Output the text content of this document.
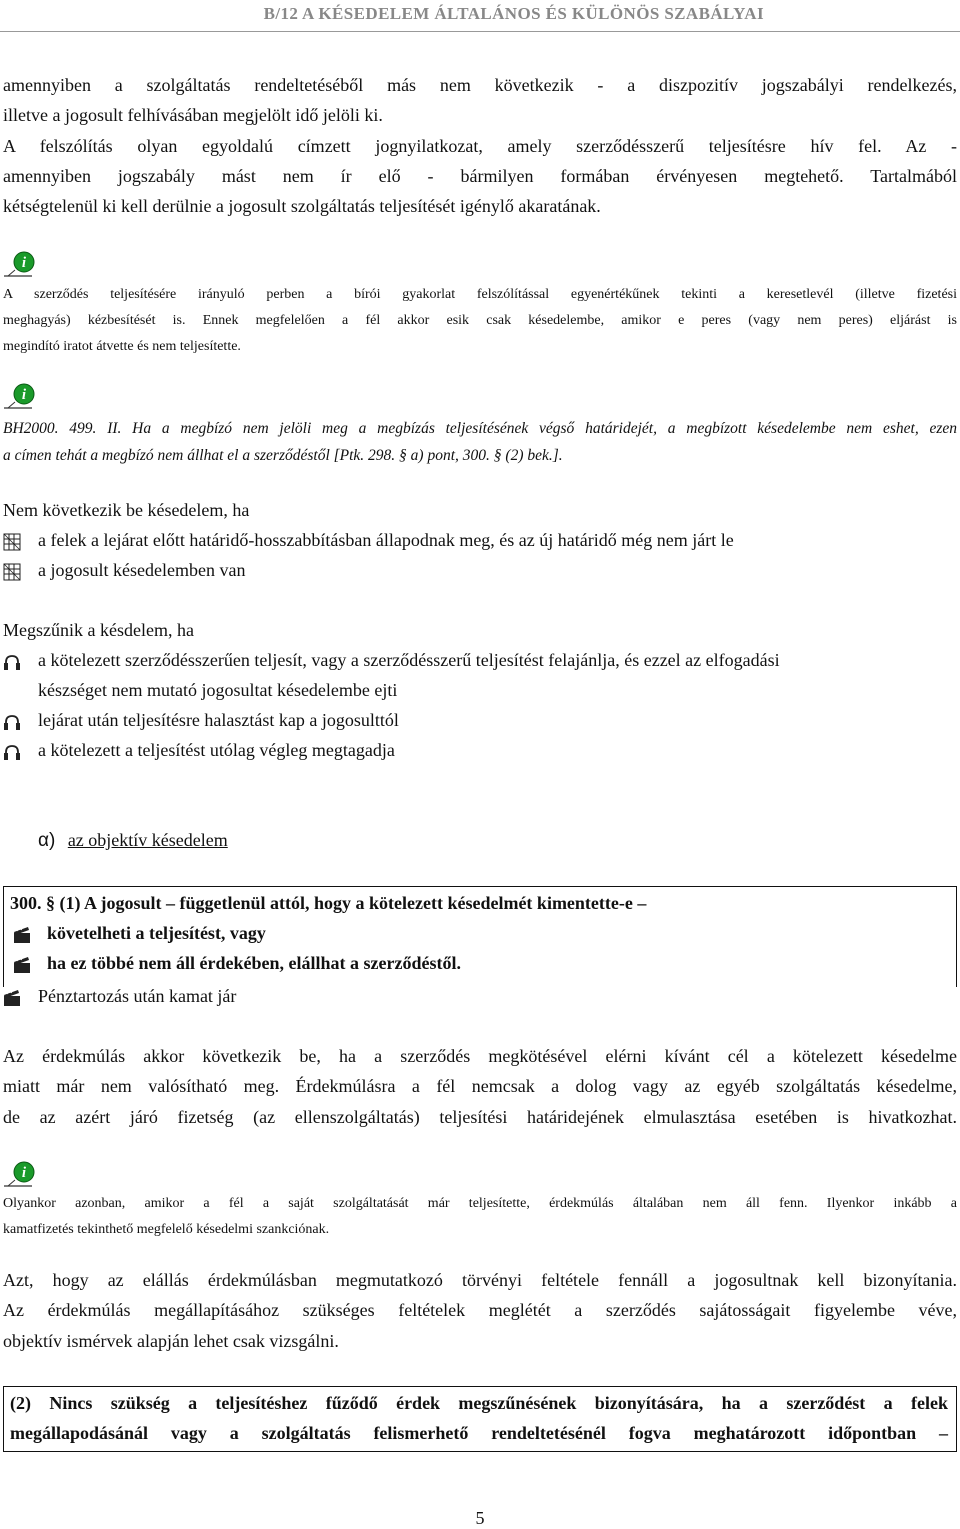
B/12 A KÉSEDELEM ÁLTALÁNOS ÉS KÜLÖNÖS SZABÁLYAI
amennyiben a szolgáltatás rendeltetéséből más nem következik - a diszpozitív jogszabályi rendelkezés,
illetve a jogosult felhívásában megjelölt idő jelöli ki.
A felszólítás olyan egyoldalú címzett jognyilatkozat, amely szerződésszerű teljesítésre hív fel. Az -
amennyiben jogszabály mást nem ír elő - bármilyen formában érvényesen megtehető. Tartalmából
kétségtelenül ki kell derülnie a jogosult szolgáltatás teljesítését igénylő akaratának.
i
A szerződés teljesítésére irányuló perben a bírói gyakorlat felszólítással egyenértékűnek tekinti a keresetlevél (illetve fizetési
meghagyás) kézbesítését is. Ennek megfelelően a fél akkor esik csak késedelembe, amikor e peres (vagy nem peres) eljárást is
megindító iratot átvette és nem teljesítette.
i
BH2000. 499. II. Ha a megbízó nem jelöli meg a megbízás teljesítésének végső határidejét, a megbízott késedelembe nem eshet, ezen
a címen tehát a megbízó nem állhat el a szerződéstől [Ptk. 298. § a) pont, 300. § (2) bek.].
Nem következik be késedelem, ha
a felek a lejárat előtt határidő-hosszabbításban állapodnak meg, és az új határidő még nem járt le
a jogosult késedelemben van
Megszűnik a késdelem, ha
a kötelezett szerződésszerűen teljesít, vagy a szerződésszerű teljesítést felajánlja, és ezzel az elfogadási
készséget nem mutató jogosultat késedelembe ejti
lejárat után teljesítésre halasztást kap a jogosulttól
a kötelezett a teljesítést utólag végleg megtagadja
α) az objektív késedelem
300. § (1) A jogosult – függetlenül attól, hogy a kötelezett késedelmét kimentette-e –
követelheti a teljesítést, vagy
ha ez többé nem áll érdekében, elállhat a szerződéstől.
Pénztartozás után kamat jár
Az érdekmúlás akkor következik be, ha a szerződés megkötésével elérni kívánt cél a kötelezett késedelme
miatt már nem valósítható meg. Érdekmúlásra a fél nemcsak a dolog vagy az egyéb szolgáltatás késedelme,
de az azért járó fizetség (az ellenszolgáltatás) teljesítési határidejének elmulasztása esetében is hivatkozhat.
i
Olyankor azonban, amikor a fél a saját szolgáltatását már teljesítette, érdekmúlás általában nem áll fenn. Ilyenkor inkább a
kamatfizetés tekinthető megfelelő késedelmi szankciónak.
Azt, hogy az elállás érdekmúlásban megmutatkozó törvényi feltétele fennáll a jogosultnak kell bizonyítania.
Az érdekmúlás megállapításához szükséges feltételek meglétét a szerződés sajátosságait figyelembe véve,
objektív ismérvek alapján lehet csak vizsgálni.
(2) Nincs szükség a teljesítéshez fűződő érdek megszűnésének bizonyítására, ha a szerződést a felek
megállapodásánál vagy a szolgáltatás felismerhető rendeltetésénél fogva meghatározott időpontban –
5
